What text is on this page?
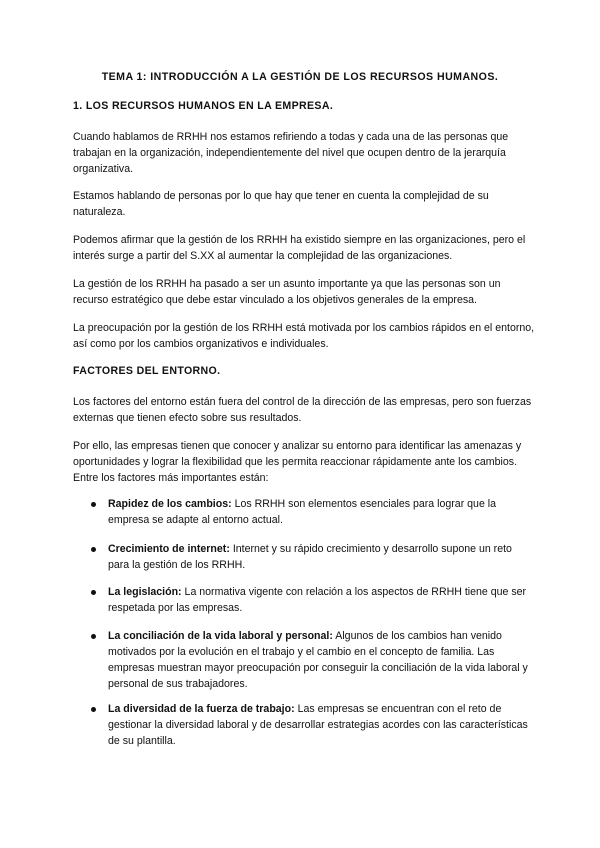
TEMA 1: INTRODUCCIÓN A LA GESTIÓN DE LOS RECURSOS HUMANOS.
1. LOS RECURSOS HUMANOS EN LA EMPRESA.
Cuando hablamos de RRHH nos estamos refiriendo a todas y cada una de las personas que trabajan en la organización, independientemente del nivel que ocupen dentro de la jerarquía organizativa.
Estamos hablando de personas por lo que hay que tener en cuenta la complejidad de su naturaleza.
Podemos afirmar que la gestión de los RRHH ha existido siempre en las organizaciones, pero el interés surge a partir del S.XX al aumentar la complejidad de las organizaciones.
La gestión de los RRHH ha pasado a ser un asunto importante ya que las personas son un recurso estratégico que debe estar vinculado a los objetivos generales de la empresa.
La preocupación por la gestión de los RRHH está motivada por los cambios rápidos en el entorno, así como por los cambios organizativos e individuales.
FACTORES DEL ENTORNO.
Los factores del entorno están fuera del control de la dirección de las empresas, pero son fuerzas externas que tienen efecto sobre sus resultados.
Por ello, las empresas tienen que conocer y analizar su entorno para identificar las amenazas y oportunidades y lograr la flexibilidad que les permita reaccionar rápidamente ante los cambios. Entre los factores más importantes están:
Rapidez de los cambios: Los RRHH son elementos esenciales para lograr que la empresa se adapte al entorno actual.
Crecimiento de internet: Internet y su rápido crecimiento y desarrollo supone un reto para la gestión de los RRHH.
La legislación: La normativa vigente con relación a los aspectos de RRHH tiene que ser respetada por las empresas.
La conciliación de la vida laboral y personal: Algunos de los cambios han venido motivados por la evolución en el trabajo y el cambio en el concepto de familia. Las empresas muestran mayor preocupación por conseguir la conciliación de la vida laboral y personal de sus trabajadores.
La diversidad de la fuerza de trabajo: Las empresas se encuentran con el reto de gestionar la diversidad laboral y de desarrollar estrategias acordes con las características de su plantilla.
